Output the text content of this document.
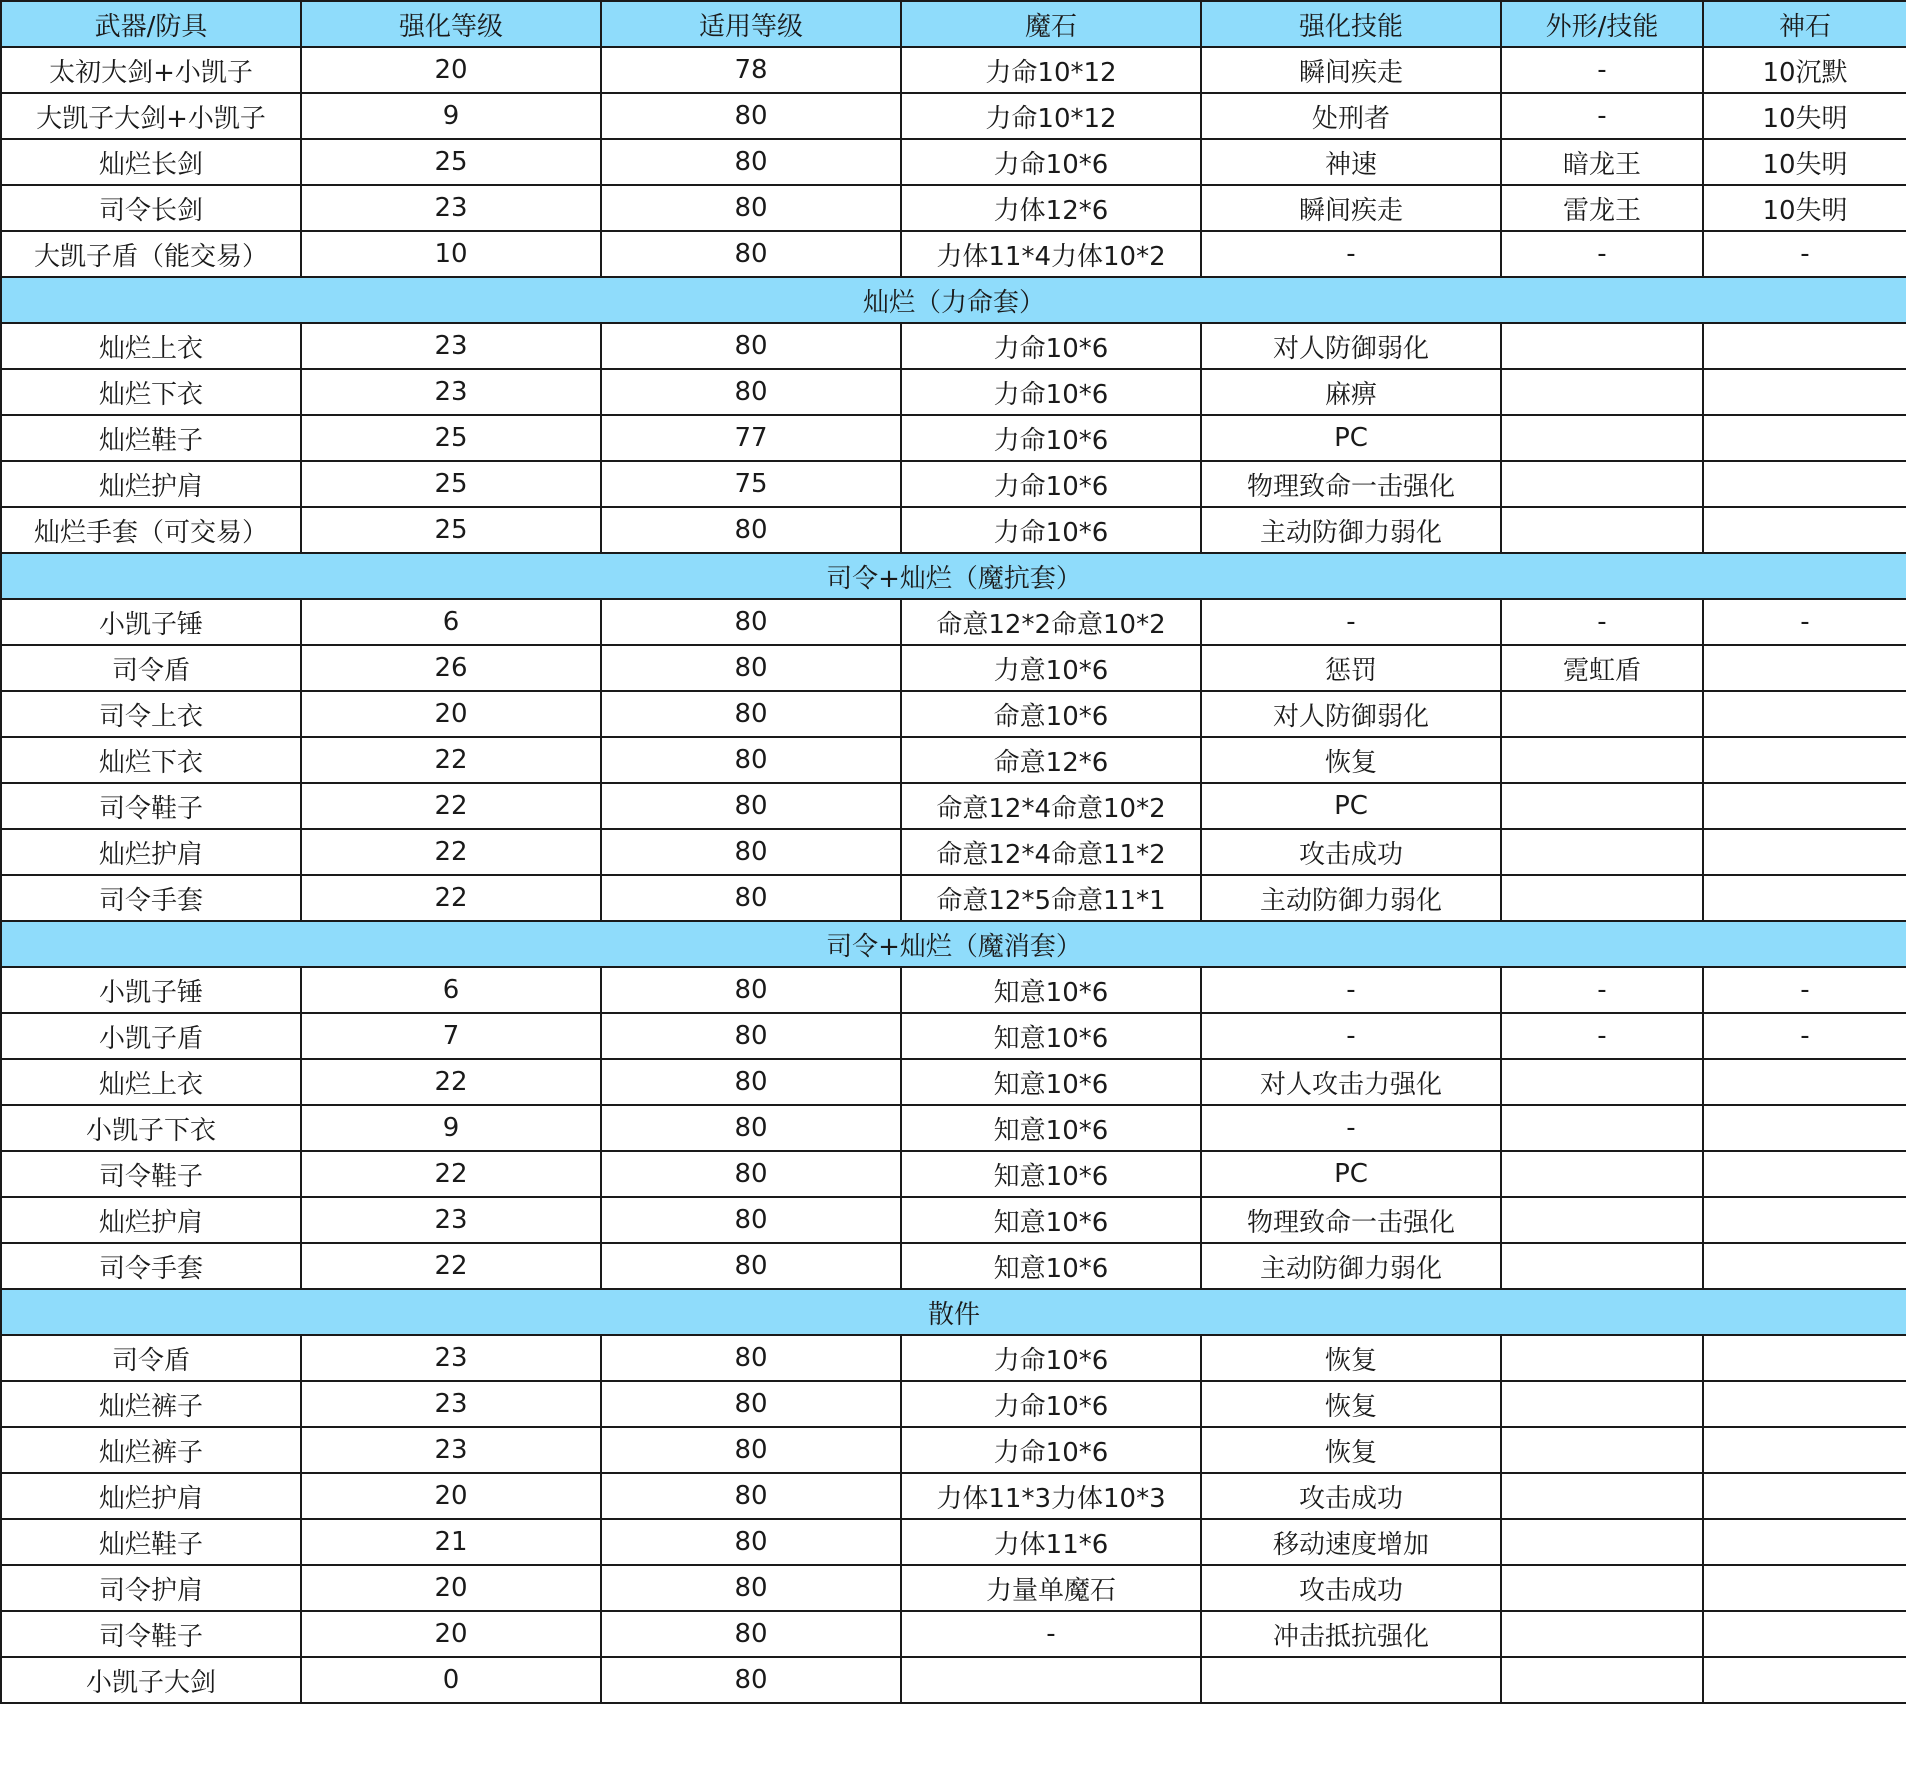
武器/防具	强化等级	适用等级	魔石	强化技能	外形/技能	神石
太初大剑+小凯子	20	78	力命10*12	瞬间疾走	-	10沉默
大凯子大剑+小凯子	9	80	力命10*12	处刑者	-	10失明
灿烂长剑	25	80	力命10*6	神速	暗龙王	10失明
司令长剑	23	80	力体12*6	瞬间疾走	雷龙王	10失明
大凯子盾（能交易）	10	80	力体11*4力体10*2	-	-	-
灿烂（力命套）						
灿烂上衣	23	80	力命10*6	对人防御弱化		
灿烂下衣	23	80	力命10*6	麻痹		
灿烂鞋子	25	77	力命10*6	PC		
灿烂护肩	25	75	力命10*6	物理致命一击强化		
灿烂手套（可交易）	25	80	力命10*6	主动防御力弱化		
司令+灿烂（魔抗套）						
小凯子锤	6	80	命意12*2命意10*2	-	-	-
司令盾	26	80	力意10*6	惩罚	霓虹盾	
司令上衣	20	80	命意10*6	对人防御弱化		
灿烂下衣	22	80	命意12*6	恢复		
司令鞋子	22	80	命意12*4命意10*2	PC		
灿烂护肩	22	80	命意12*4命意11*2	攻击成功		
司令手套	22	80	命意12*5命意11*1	主动防御力弱化		
司令+灿烂（魔消套）						
小凯子锤	6	80	知意10*6	-	-	-
小凯子盾	7	80	知意10*6	-	-	-
灿烂上衣	22	80	知意10*6	对人攻击力强化		
小凯子下衣	9	80	知意10*6	-		
司令鞋子	22	80	知意10*6	PC		
灿烂护肩	23	80	知意10*6	物理致命一击强化		
司令手套	22	80	知意10*6	主动防御力弱化		
散件						
司令盾	23	80	力命10*6	恢复		
灿烂裤子	23	80	力命10*6	恢复		
灿烂裤子	23	80	力命10*6	恢复		
灿烂护肩	20	80	力体11*3力体10*3	攻击成功		
灿烂鞋子	21	80	力体11*6	移动速度增加		
司令护肩	20	80	力量单魔石	攻击成功		
司令鞋子	20	80	-	冲击抵抗强化		
小凯子大剑	0	80				
